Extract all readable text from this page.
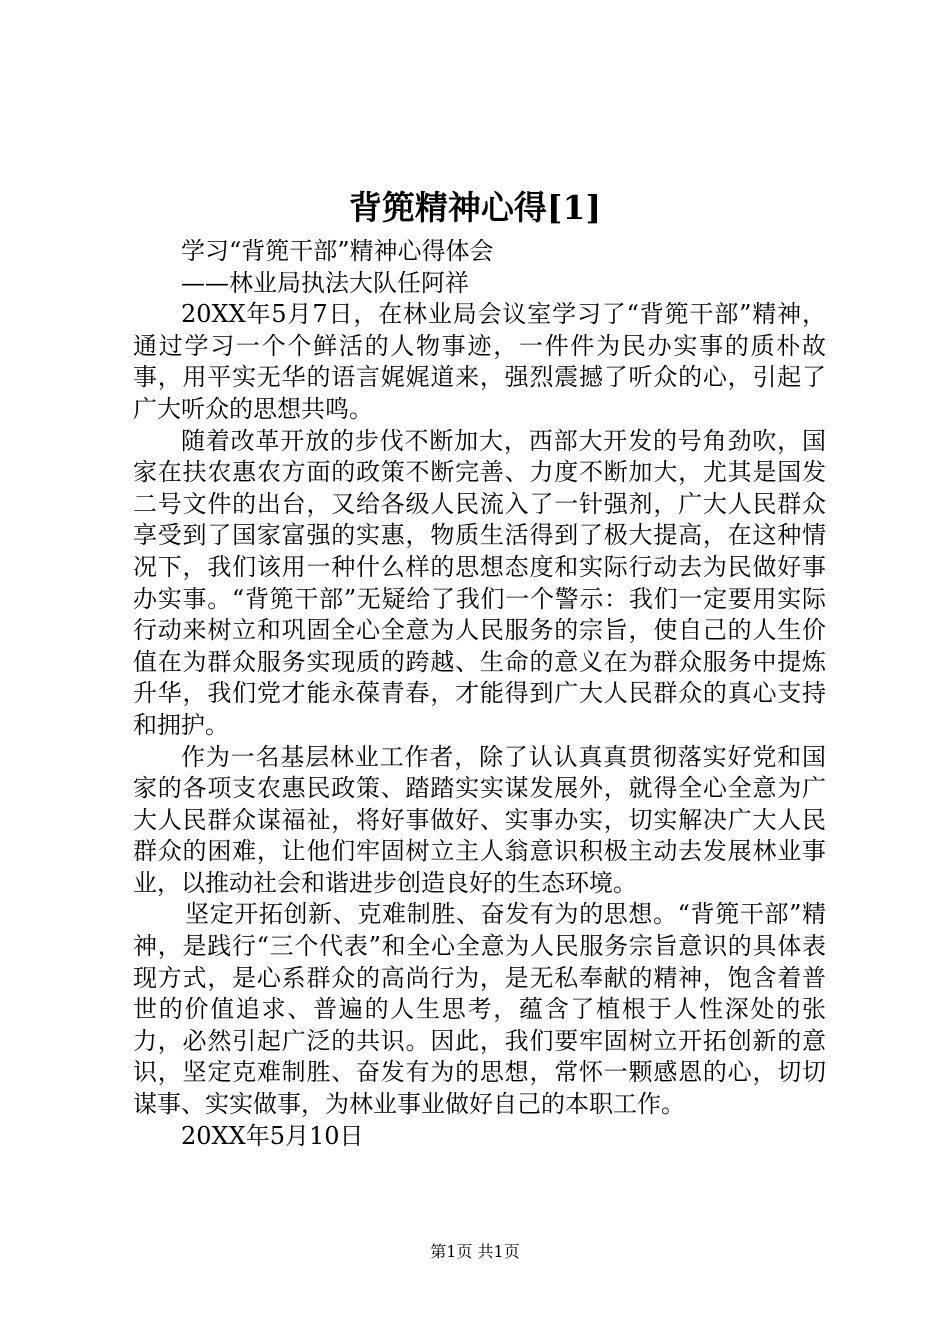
背篼精神心得[1]

学习“背篼干部”精神心得体会

——林业局执法大队任阿祥

20XX年5月7日，在林业局会议室学习了“背篼干部”精神，通过学习一个个鲜活的人物事迹，一件件为民办实事的质朴故事，用平实无华的语言娓娓道来，强烈震撼了听众的心，引起了广大听众的思想共鸣。

随着改革开放的步伐不断加大，西部大开发的号角劲吹，国家在扶农惠农方面的政策不断完善、力度不断加大，尤其是国发二号文件的出台，又给各级人民流入了一针强剂，广大人民群众享受到了国家富强的实惠，物质生活得到了极大提高，在这种情况下，我们该用一种什么样的思想态度和实际行动去为民做好事办实事。“背篼干部”无疑给了我们一个警示：我们一定要用实际行动来树立和巩固全心全意为人民服务的宗旨，使自己的人生价值在为群众服务实现质的跨越、生命的意义在为群众服务中提炼升华，我们党才能永葆青春，才能得到广大人民群众的真心支持和拥护。

作为一名基层林业工作者，除了认认真真贯彻落实好党和国家的各项支农惠民政策、踏踏实实谋发展外，就得全心全意为广大人民群众谋福祉，将好事做好、实事办实，切实解决广大人民群众的困难，让他们牢固树立主人翁意识积极主动去发展林业事业，以推动社会和谐进步创造良好的生态环境。

坚定开拓创新、克难制胜、奋发有为的思想。“背篼干部”精神，是践行“三个代表”和全心全意为人民服务宗旨意识的具体表现方式，是心系群众的高尚行为，是无私奉献的精神，饱含着普世的价值追求、普遍的人生思考，蕴含了植根于人性深处的张力，必然引起广泛的共识。因此，我们要牢固树立开拓创新的意识，坚定克难制胜、奋发有为的思想，常怀一颗感恩的心，切切谋事、实实做事，为林业事业做好自己的本职工作。

20XX年5月10日

第1页 共1页
